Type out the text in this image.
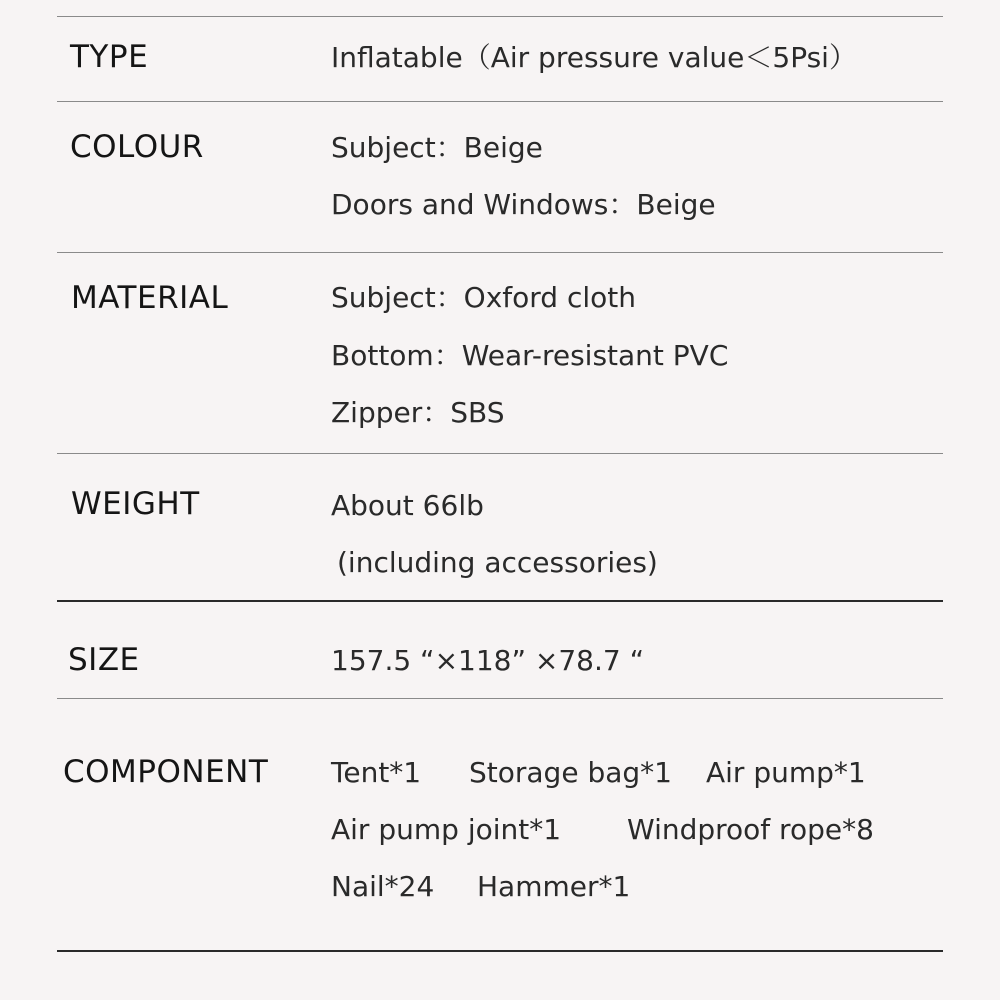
TYPE	Inflatable（Air pressure value＜5Psi）
COLOUR	Subject：Beige
Doors and Windows：Beige
MATERIAL	Subject：Oxford cloth
Bottom：Wear-resistant PVC
Zipper：SBS
WEIGHT	About 66lb
(including accessories)
SIZE	157.5 “×118” ×78.7 “
COMPONENT Tent*1 Storage bag*1 Air pump*1
Air pump joint*1 Windproof rope*8
Nail*24 Hammer*1
